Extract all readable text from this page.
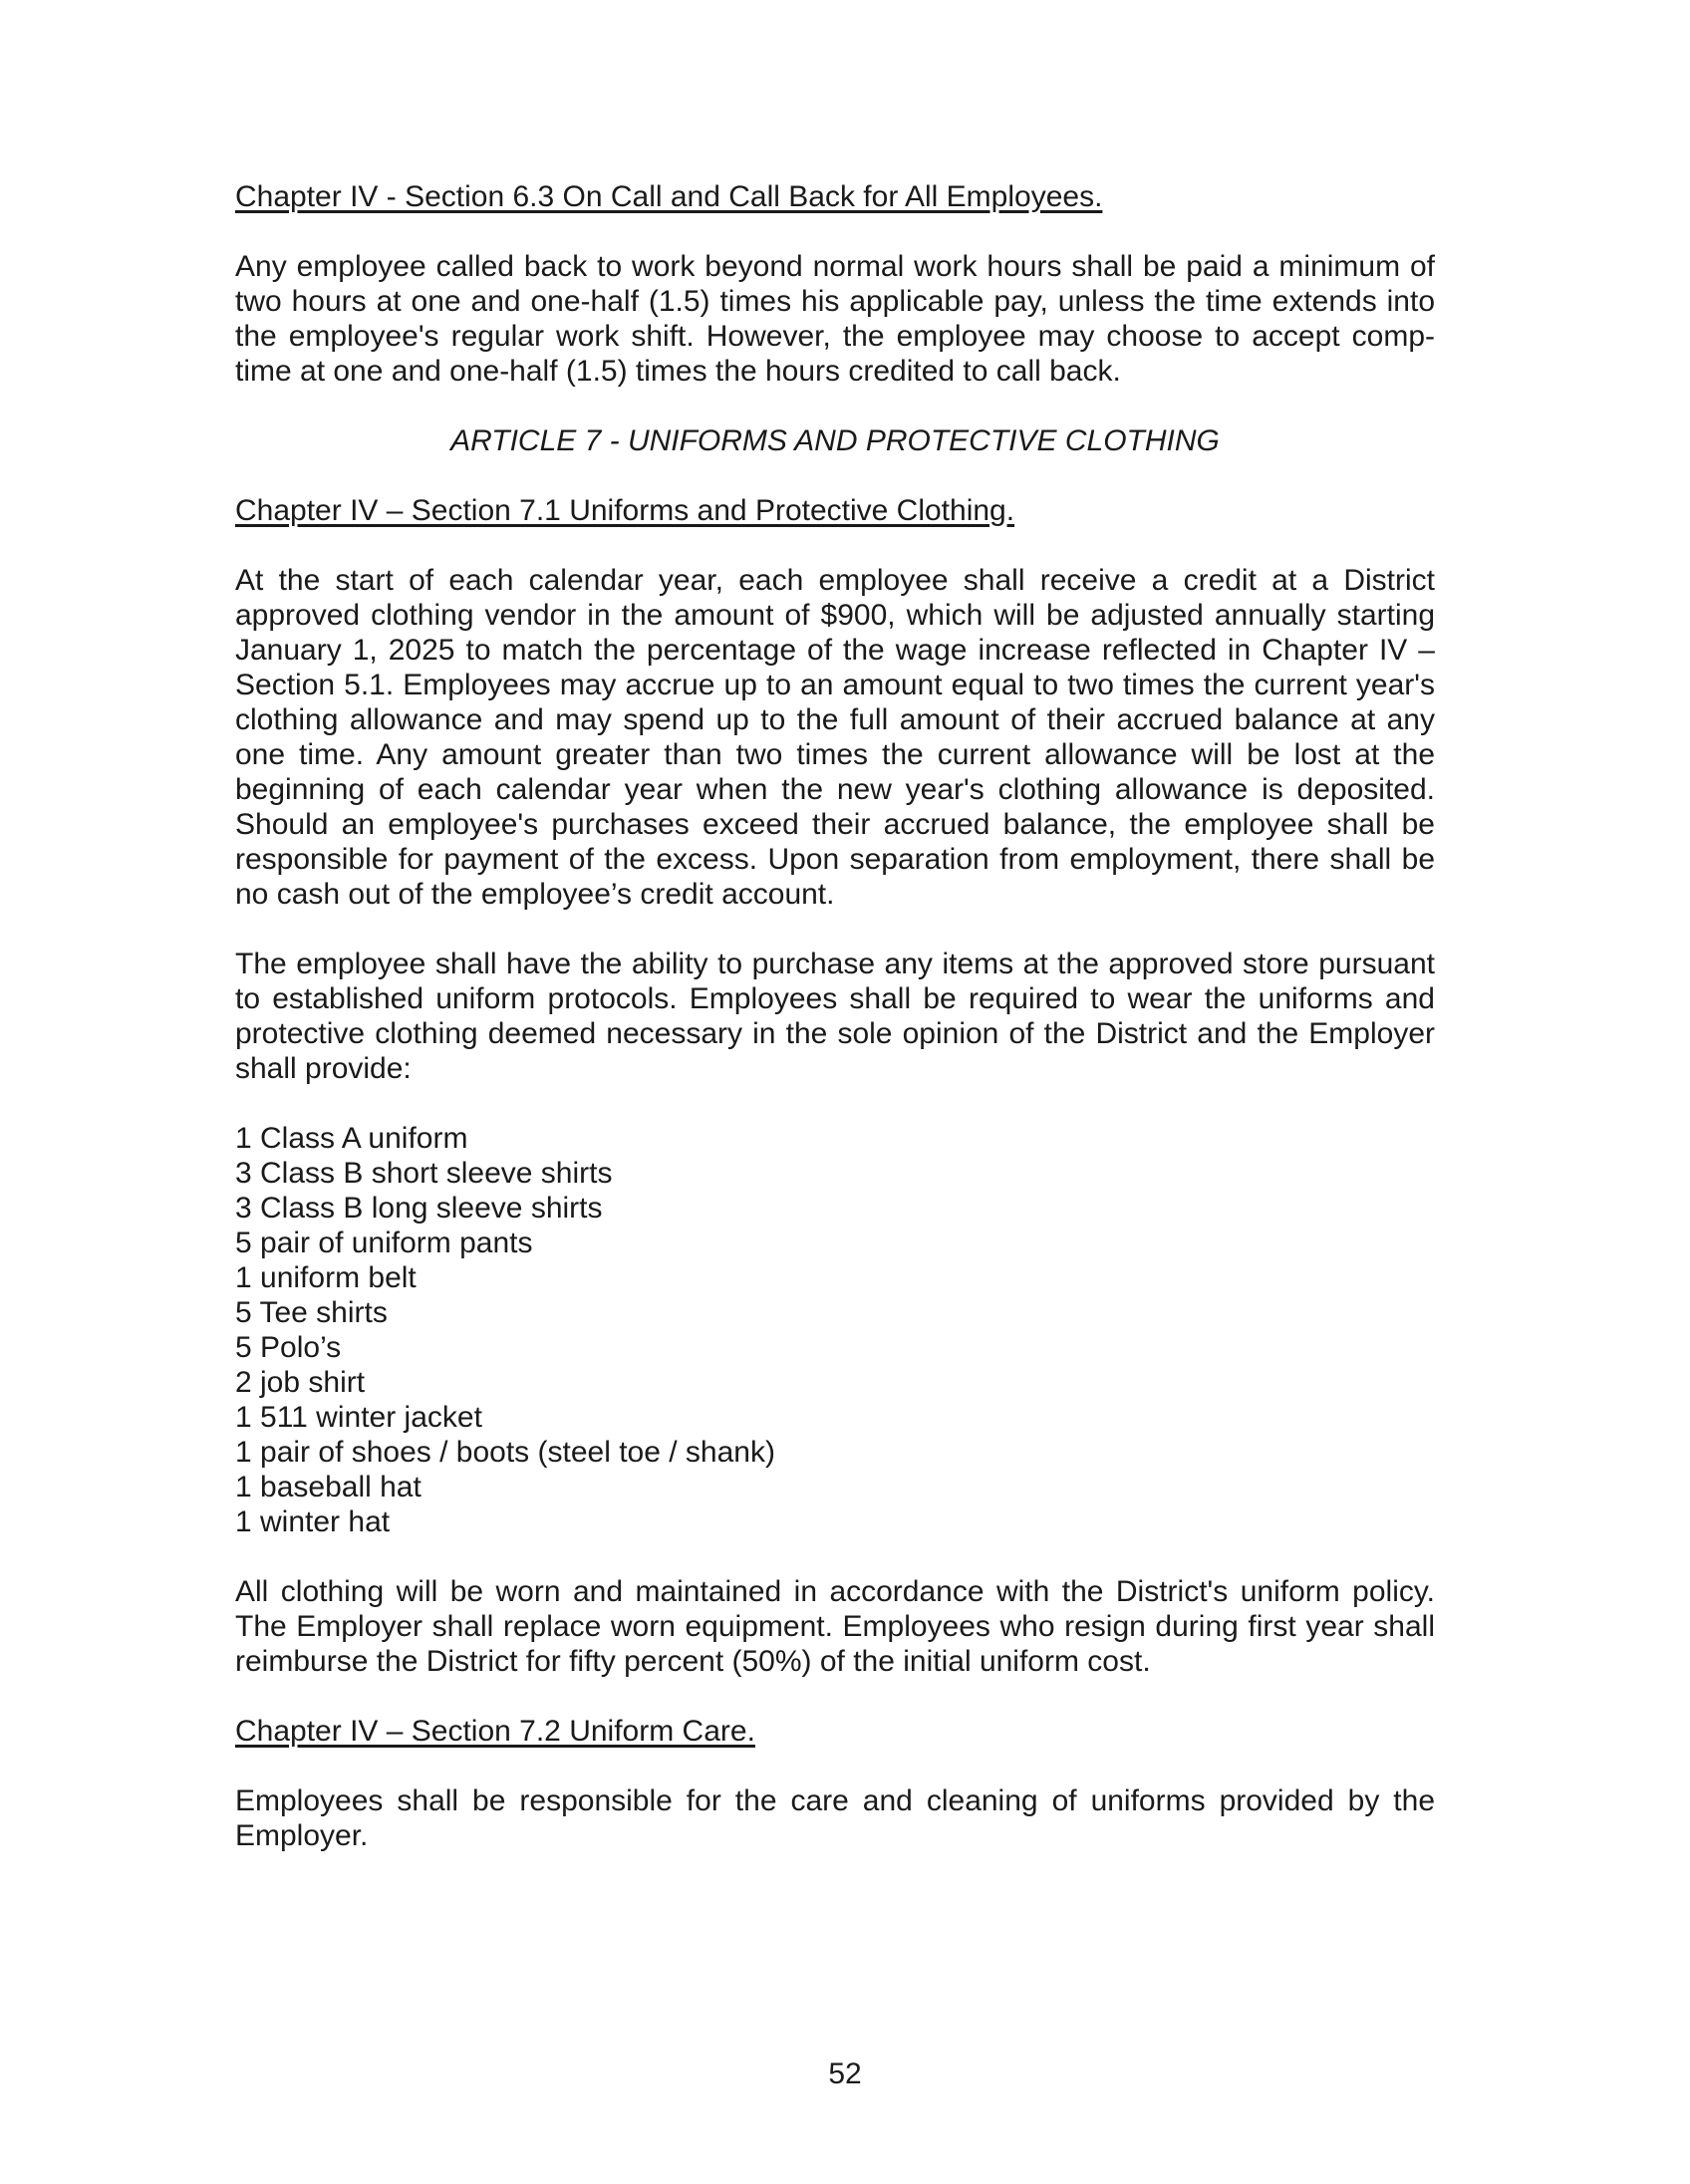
Chapter IV - Section 6.3 On Call and Call Back for All Employees.
Any employee called back to work beyond normal work hours shall be paid a minimum of two hours at one and one-half (1.5) times his applicable pay, unless the time extends into the employee's regular work shift. However, the employee may choose to accept comp-time at one and one-half (1.5) times the hours credited to call back.
ARTICLE 7 - UNIFORMS AND PROTECTIVE CLOTHING
Chapter IV – Section 7.1 Uniforms and Protective Clothing.
At the start of each calendar year, each employee shall receive a credit at a District approved clothing vendor in the amount of $900, which will be adjusted annually starting January 1, 2025 to match the percentage of the wage increase reflected in Chapter IV – Section 5.1. Employees may accrue up to an amount equal to two times the current year's clothing allowance and may spend up to the full amount of their accrued balance at any one time. Any amount greater than two times the current allowance will be lost at the beginning of each calendar year when the new year's clothing allowance is deposited. Should an employee's purchases exceed their accrued balance, the employee shall be responsible for payment of the excess. Upon separation from employment, there shall be no cash out of the employee’s credit account.
The employee shall have the ability to purchase any items at the approved store pursuant to established uniform protocols. Employees shall be required to wear the uniforms and protective clothing deemed necessary in the sole opinion of the District and the Employer shall provide:
1 Class A uniform
3 Class B short sleeve shirts
3 Class B long sleeve shirts
5 pair of uniform pants
1 uniform belt
5 Tee shirts
5 Polo’s
2 job shirt
1 511 winter jacket
1 pair of shoes / boots (steel toe / shank)
1 baseball hat
1 winter hat
All clothing will be worn and maintained in accordance with the District's uniform policy. The Employer shall replace worn equipment. Employees who resign during first year shall reimburse the District for fifty percent (50%) of the initial uniform cost.
Chapter IV – Section 7.2 Uniform Care.
Employees shall be responsible for the care and cleaning of uniforms provided by the Employer.
52
